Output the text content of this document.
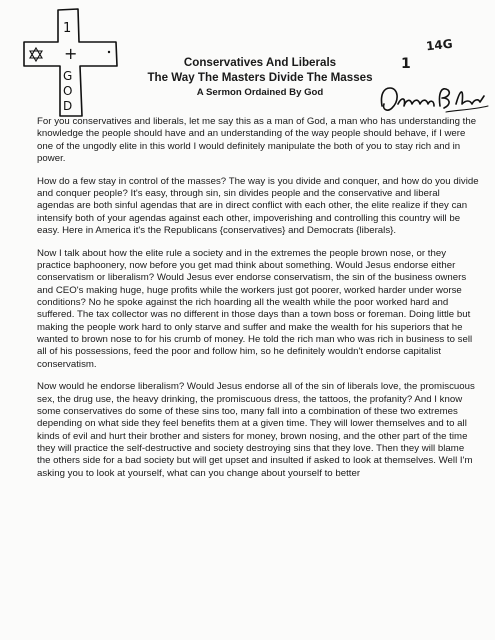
1
+
G
O
D

Conservatives And Liberals

The Way The Masters Divide The Masses

A Sermon Ordained By God

1
14G

For you conservatives and liberals, let me say this as a man of God, a man who has understanding the knowledge the people should have and an understanding of the way people should behave, if I were one of the ungodly elite in this world I would definitely manipulate the both of you to stay rich and in power.

How do a few stay in control of the masses? The way is you divide and conquer, and how do you divide and conquer people? It's easy, through sin, sin divides people and the conservative and liberal agendas are both sinful agendas that are in direct conflict with each other, the elite realize if they can intensify both of your agendas against each other, impoverishing and controlling this country will be easy. Here in America it's the Republicans {conservatives} and Democrats {liberals}.

Now I talk about how the elite rule a society and in the extremes the people brown nose, or they practice baphoonery, now before you get mad think about something. Would Jesus endorse either conservatism or liberalism? Would Jesus ever endorse conservatism, the sin of the business owners and CEO's making huge, huge profits while the workers just got poorer, worked harder under worse conditions? No he spoke against the rich hoarding all the wealth while the poor worked hard and suffered. The tax collector was no different in those days than a town boss or foreman. Doing little but making the people work hard to only starve and suffer and make the wealth for his superiors that he wanted to brown nose to for his crumb of money. He told the rich man who was rich in business to sell all of his possessions, feed the poor and follow him, so he definitely wouldn't endorse capitalist conservatism.

Now would he endorse liberalism? Would Jesus endorse all of the sin of liberals love, the promiscuous sex, the drug use, the heavy drinking, the promiscuous dress, the tattoos, the profanity? And I know some conservatives do some of these sins too, many fall into a combination of these two extremes depending on what side they feel benefits them at a given time. They will lower themselves and to all kinds of evil and hurt their brother and sisters for money, brown nosing, and the other part of the time they will practice the self-destructive and society destroying sins that they love. Then they will blame the others side for a bad society but will get upset and insulted if asked to look at themselves. Well I'm asking you to look at yourself, what can you change about yourself to better
